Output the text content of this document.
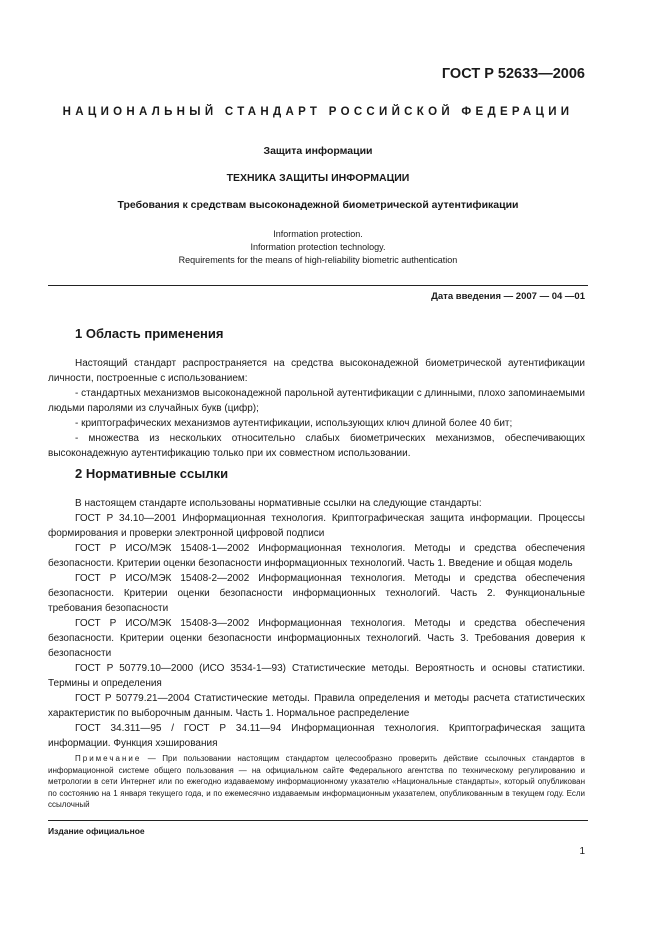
ГОСТ Р 52633—2006
НАЦИОНАЛЬНЫЙ СТАНДАРТ РОССИЙСКОЙ ФЕДЕРАЦИИ
Защита информации
ТЕХНИКА ЗАЩИТЫ ИНФОРМАЦИИ
Требования к средствам высоконадежной биометрической аутентификации
Information protection.
Information protection technology.
Requirements for the means of high-reliability biometric authentication
Дата введения — 2007 — 04 —01
1 Область применения

Настоящий стандарт распространяется на средства высоконадежной биометрической аутентификации личности, построенные с использованием:

- стандартных механизмов высоконадежной парольной аутентификации с длинными, плохо запоминаемыми людьми паролями из случайных букв (цифр);

- криптографических механизмов аутентификации, использующих ключ длиной более 40 бит;

- множества из нескольких относительно слабых биометрических механизмов, обеспечивающих высоконадежную аутентификацию только при их совместном использовании.

2 Нормативные ссылки

В настоящем стандарте использованы нормативные ссылки на следующие стандарты:

ГОСТ Р 34.10—2001 Информационная технология. Криптографическая защита информации. Процессы формирования и проверки электронной цифровой подписи

ГОСТ Р ИСО/МЭК 15408-1—2002 Информационная технология. Методы и средства обеспечения безопасности. Критерии оценки безопасности информационных технологий. Часть 1. Введение и общая модель

ГОСТ Р ИСО/МЭК 15408-2—2002 Информационная технология. Методы и средства обеспечения безопасности. Критерии оценки безопасности информационных технологий. Часть 2. Функциональные требования безопасности

ГОСТ Р ИСО/МЭК 15408-3—2002 Информационная технология. Методы и средства обеспечения безопасности. Критерии оценки безопасности информационных технологий. Часть 3. Требования доверия к безопасности

ГОСТ Р 50779.10—2000 (ИСО 3534-1—93) Статистические методы. Вероятность и основы статистики. Термины и определения

ГОСТ Р 50779.21—2004 Статистические методы. Правила определения и методы расчета статистических характеристик по выборочным данным. Часть 1. Нормальное распределение

ГОСТ 34.311—95 / ГОСТ Р 34.11—94 Информационная технология. Криптографическая защита информации. Функция хэширования

Примечание — При пользовании настоящим стандартом целесообразно проверить действие ссылочных стандартов в информационной системе общего пользования — на официальном сайте Федерального агентства по техническому регулированию и метрологии в сети Интернет или по ежегодно издаваемому информационному указателю «Национальные стандарты», который опубликован по состоянию на 1 января текущего года, и по ежемесячно издаваемым информационным указателем, опубликованным в текущем году. Если ссылочный

Издание официальное
1
